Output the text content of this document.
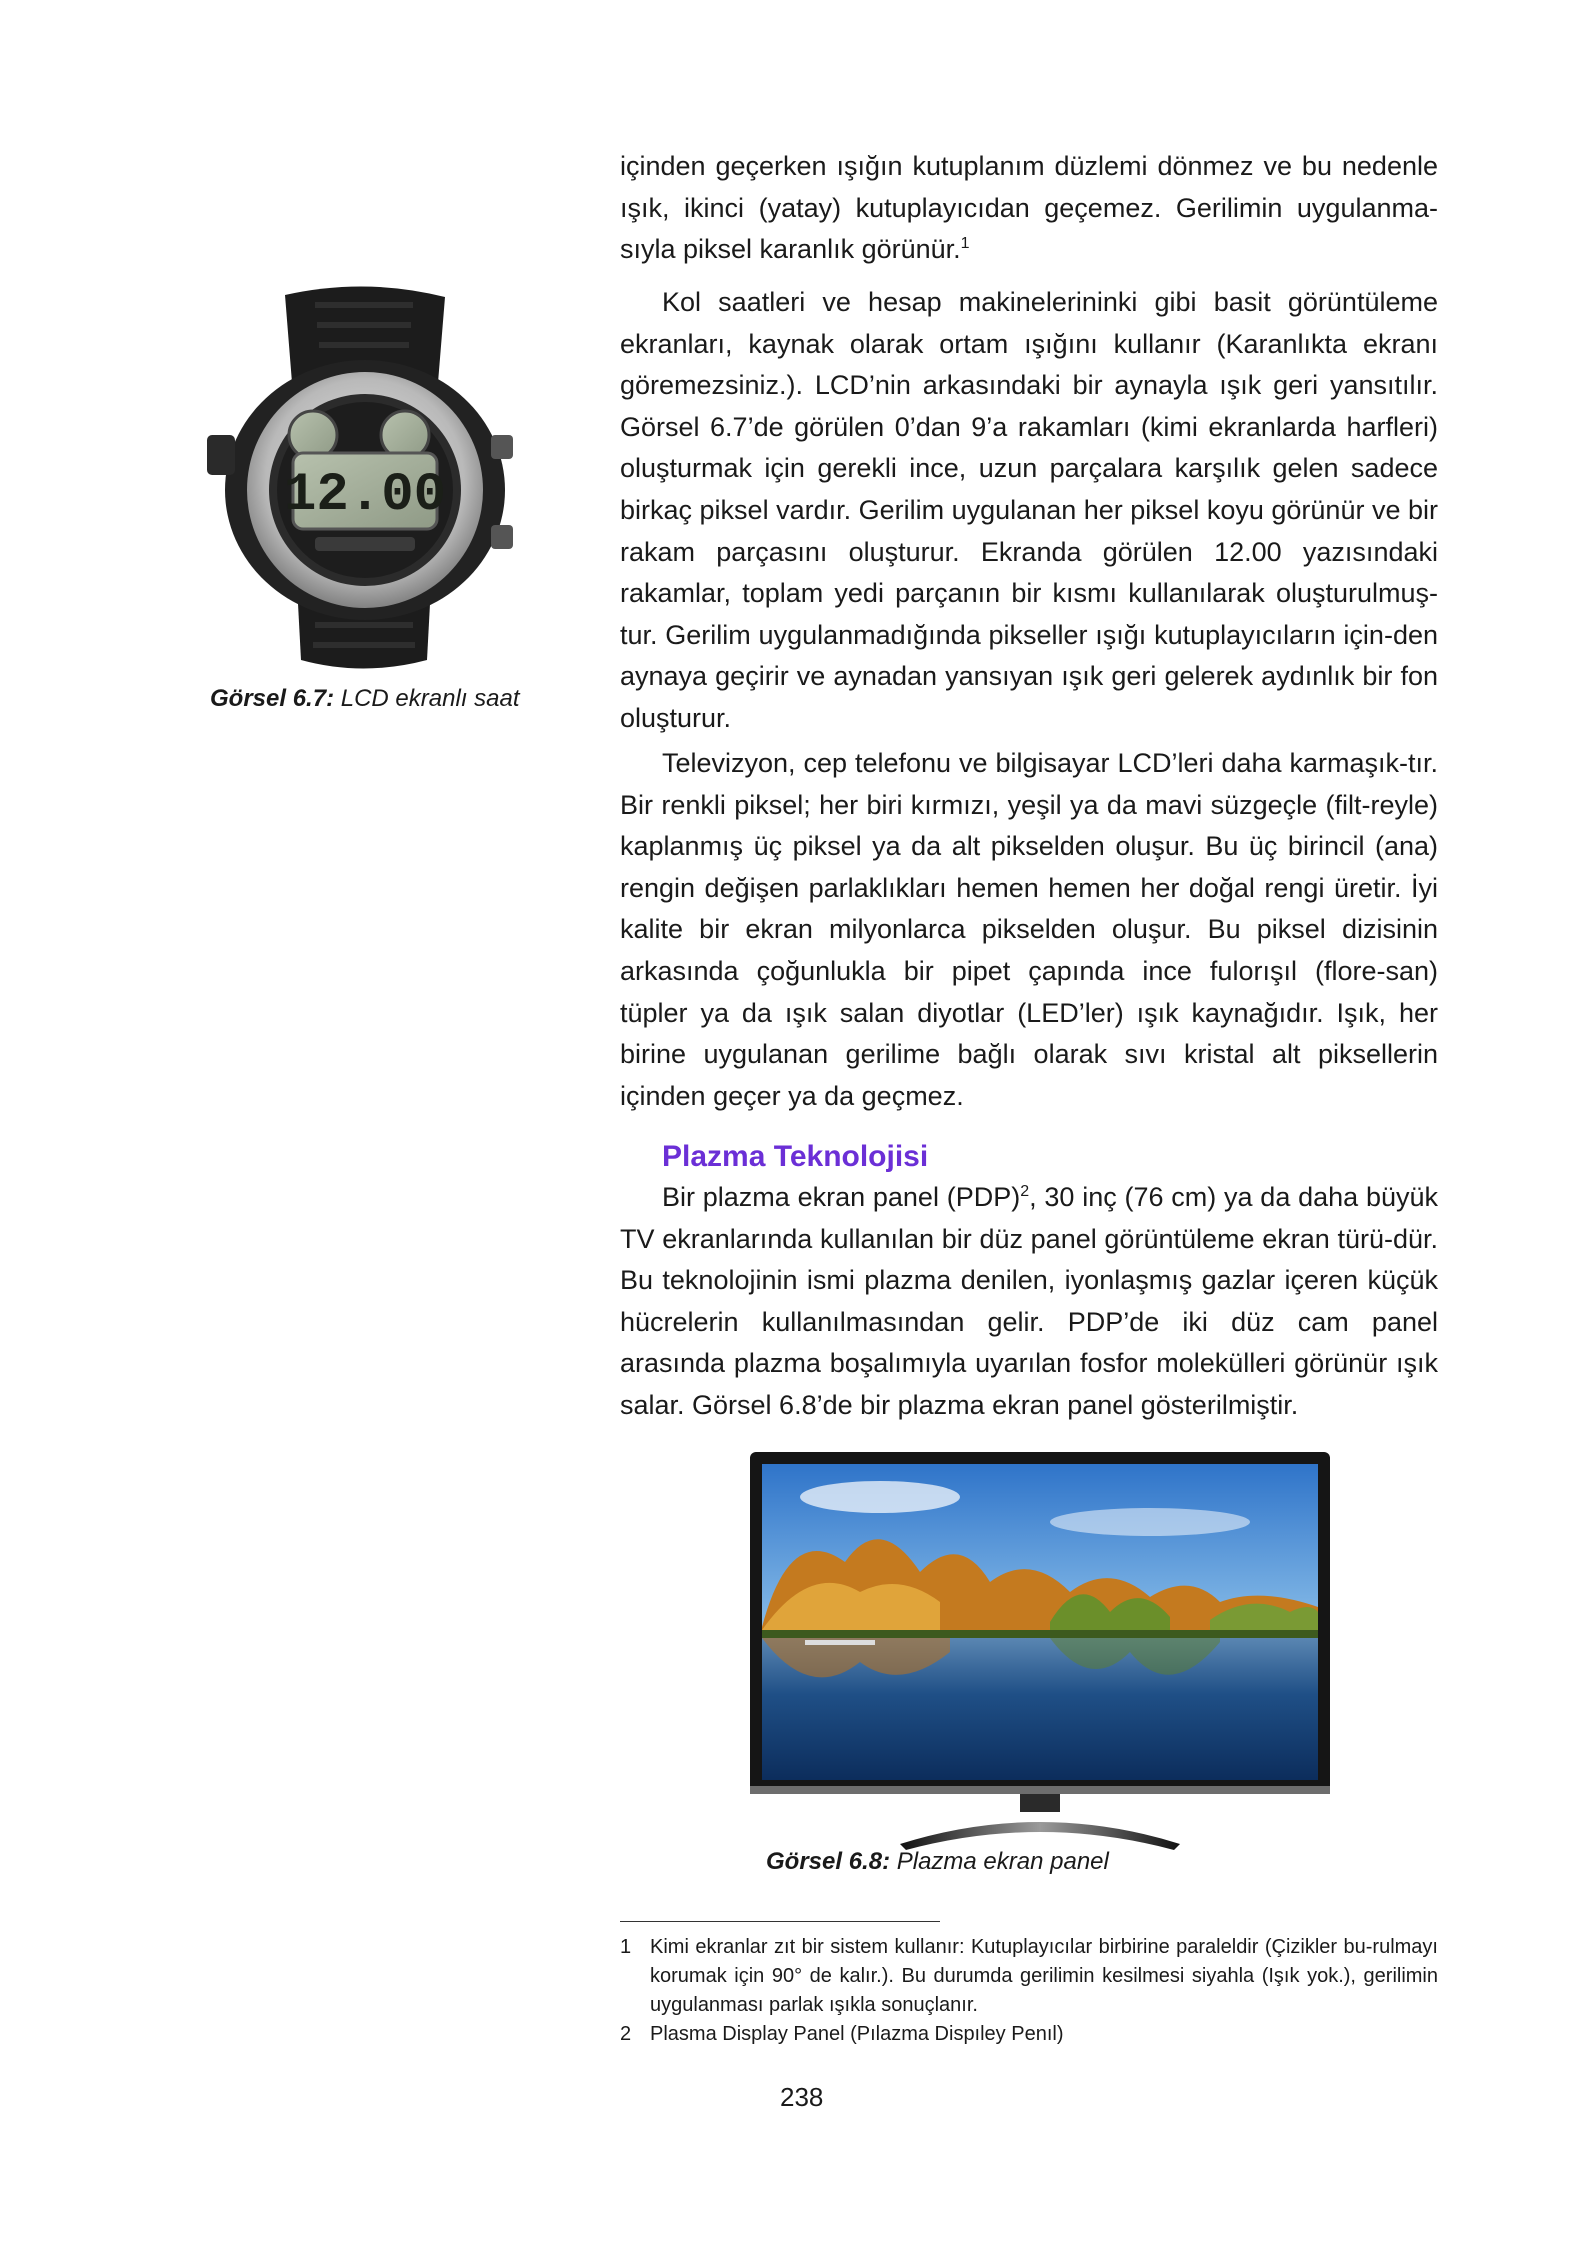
12.00
Görsel 6.7: LCD ekranlı saat

içinden geçerken ışığın kutuplanım düzlemi dönmez ve bu nedenle ışık, ikinci (yatay) kutuplayıcıdan geçemez. Gerilimin uygulanma-sıyla piksel karanlık görünür.$^1$

Kol saatleri ve hesap makinelerininki gibi basit görüntüleme ekranları, kaynak olarak ortam ışığını kullanır (Karanlıkta ekranı göremezsiniz.). LCD’nin arkasındaki bir aynayla ışık geri yansıtılır. Görsel 6.7’de görülen 0’dan 9’a rakamları (kimi ekranlarda harfleri) oluşturmak için gerekli ince, uzun parçalara karşılık gelen sadece birkaç piksel vardır. Gerilim uygulanan her piksel koyu görünür ve bir rakam parçasını oluşturur. Ekranda görülen 12.00 yazısındaki rakamlar, toplam yedi parçanın bir kısmı kullanılarak oluşturulmuş-tur. Gerilim uygulanmadığında pikseller ışığı kutuplayıcıların için-den aynaya geçirir ve aynadan yansıyan ışık geri gelerek aydınlık bir fon oluşturur.

Televizyon, cep telefonu ve bilgisayar LCD’leri daha karmaşık-tır. Bir renkli piksel; her biri kırmızı, yeşil ya da mavi süzgeçle (filt-reyle) kaplanmış üç piksel ya da alt pikselden oluşur. Bu üç birincil (ana) rengin değişen parlaklıkları hemen hemen her doğal rengi üretir. İyi kalite bir ekran milyonlarca pikselden oluşur. Bu piksel dizisinin arkasında çoğunlukla bir pipet çapında ince fulorışıl (flore-san) tüpler ya da ışık salan diyotlar (LED’ler) ışık kaynağıdır. Işık, her birine uygulanan gerilime bağlı olarak sıvı kristal alt piksellerin içinden geçer ya da geçmez.

Plazma Teknolojisi

Bir plazma ekran panel (PDP)$^2$, 30 inç (76 cm) ya da daha büyük TV ekranlarında kullanılan bir düz panel görüntüleme ekran türü-dür. Bu teknolojinin ismi plazma denilen, iyonlaşmış gazlar içeren küçük hücrelerin kullanılmasından gelir. PDP’de iki düz cam panel arasında plazma boşalımıyla uyarılan fosfor molekülleri görünür ışık salar. Görsel 6.8’de bir plazma ekran panel gösterilmiştir.

Görsel 6.8: Plazma ekran panel
1 Kimi ekranlar zıt bir sistem kullanır: Kutuplayıcılar birbirine paraleldir (Çizikler bu-rulmayı korumak için 90° de kalır.). Bu durumda gerilimin kesilmesi siyahla (Işık yok.), gerilimin uygulanması parlak ışıkla sonuçlanır.
2 Plasma Display Panel (Pılazma Dispıley Penıl)
238
